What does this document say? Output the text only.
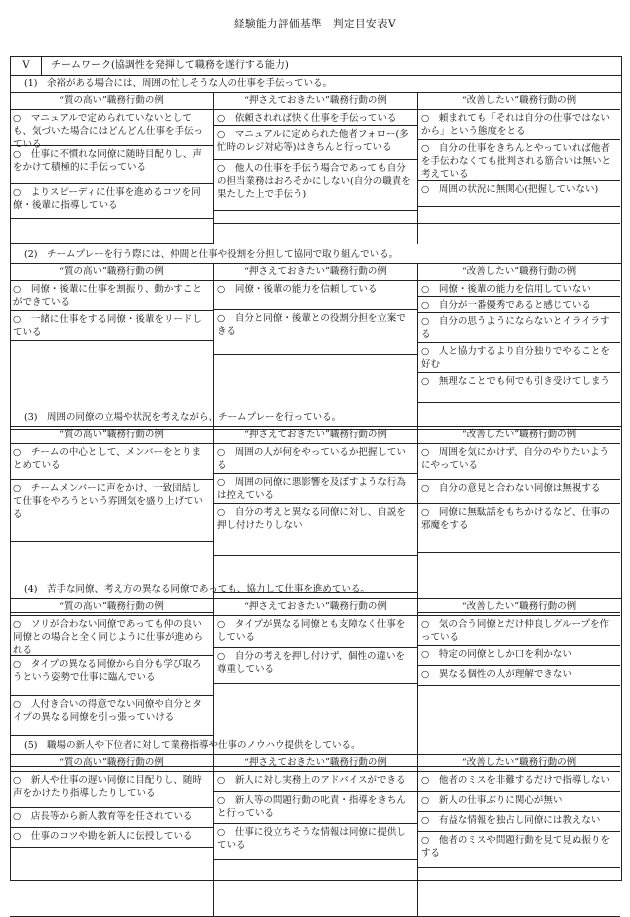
経験能力評価基準　判定目安表Ⅴ
Ⅴ	チームワーク(協調性を発揮して職務を遂行する能力)
(1)　余裕がある場合には、周囲の忙しそうな人の仕事を手伝っている。
“質の高い”職務行動の例
○　 マニュアルで定められていないとしても、気づいた場合にはどんどん仕事を手伝っている
○　 仕事に不慣れな同僚に随時目配りし、声をかけて積極的に手伝っている
○　 よりスピーディに仕事を進めるコツを同僚・後輩に指導している
“押さえておきたい”職務行動の例
○　 依頼されれば快く仕事を手伝っている
○　 マニュアルに定められた他者フォロー(多忙時のレジ対応等)はきちんと行っている
○　 他人の仕事を手伝う場合であっても自分の担当業務はおろそかにしない(自分の職責を果たした上で手伝う)
“改善したい”職務行動の例
○　 頼まれても「それは自分の仕事ではないから」という態度をとる
○　 自分の仕事をきちんとやっていれば他者を手伝わなくても批判される筋合いは無いと考えている
○　 周囲の状況に無関心(把握していない)
(2)　チームプレーを行う際には、仲間と仕事や役割を分担して協同で取り組んでいる。
“質の高い”職務行動の例
○　 同僚・後輩に仕事を割振り、動かすことができている
○　 一緒に仕事をする同僚・後輩をリードしている
“押さえておきたい”職務行動の例
○　 同僚・後輩の能力を信頼している
○　 自分と同僚・後輩との役割分担を立案できる
“改善したい”職務行動の例
○　 同僚・後輩の能力を信用していない
○　 自分が一番優秀であると感じている
○　 自分の思うようにならないとイライラする
○　 人と協力するより自分独りでやることを好む
○　 無理なことでも何でも引き受けてしまう
(3)　周囲の同僚の立場や状況を考えながら、チームプレーを行っている。
“質の高い”職務行動の例
○　 チームの中心として、メンバーをとりまとめている
○　 チームメンバーに声をかけ、一致団結して仕事をやろうという雰囲気を盛り上げている
“押さえておきたい”職務行動の例
○　 周囲の人が何をやっているか把握している
○　 周囲の同僚に悪影響を及ぼすような行為は控えている
○　 自分の考えと異なる同僚に対し、自説を押し付けたりしない
“改善したい”職務行動の例
○　 周囲を気にかけず、自分のやりたいようにやっている
○　 自分の意見と合わない同僚は無視する
○　 同僚に無駄話をもちかけるなど、仕事の邪魔をする
(4)　苦手な同僚、考え方の異なる同僚であっても、協力して仕事を進めている。
“質の高い”職務行動の例
○　 ソリが合わない同僚であっても仲の良い同僚との場合と全く同じように仕事が進められる
○　 タイプの異なる同僚から自分も学び取ろうという姿勢で仕事に臨んでいる
○　 人付き合いの得意でない同僚や自分とタイプの異なる同僚を引っ張っていける
“押さえておきたい”職務行動の例
○　 タイプが異なる同僚とも支障なく仕事をしている
○　 自分の考えを押し付けず、個性の違いを尊重している
“改善したい”職務行動の例
○　 気の合う同僚とだけ仲良しグループを作っている
○　 特定の同僚としか口を利かない
○　 異なる個性の人が理解できない
(5)　職場の新人や下位者に対して業務指導や仕事のノウハウ提供をしている。
“質の高い”職務行動の例
○　 新人や仕事の遅い同僚に目配りし、随時声をかけたり指導したりしている
○　 店長等から新人教育等を任されている
○　 仕事のコツや勘を新人に伝授している
“押さえておきたい”職務行動の例
○　 新人に対し実務上のアドバイスができる
○　 新人等の問題行動の叱責・指導をきちんと行っている
○　 仕事に役立ちそうな情報は同僚に提供している
“改善したい”職務行動の例
○　 他者のミスを非難するだけで指導しない
○　 新人の仕事ぶりに関心が無い
○　 有益な情報を独占し同僚には教えない
○　 他者のミスや問題行動を見て見ぬ振りをする
